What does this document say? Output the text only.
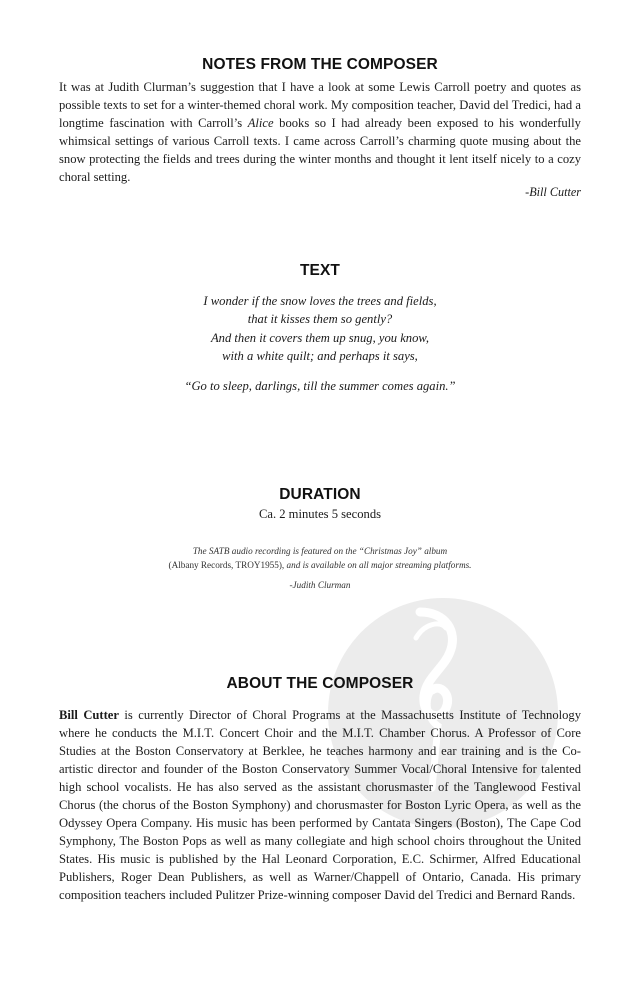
NOTES FROM THE COMPOSER

It was at Judith Clurman’s suggestion that I have a look at some Lewis Carroll poetry and quotes as possible texts to set for a winter-themed choral work. My composition teacher, David del Tredici, had a longtime fascination with Carroll’s Alice books so I had already been exposed to his wonderfully whimsical settings of various Carroll texts. I came across Carroll’s charming quote musing about the snow protecting the fields and trees during the winter months and thought it lent itself nicely to a cozy choral setting.

-Bill Cutter

TEXT
I wonder if the snow loves the trees and fields,
that it kisses them so gently?
And then it covers them up snug, you know,
with a white quilt; and perhaps it says,

“Go to sleep, darlings, till the summer comes again.”

DURATION

Ca. 2 minutes 5 seconds

The SATB audio recording is featured on the “Christmas Joy” album
(Albany Records, TROY1955), and is available on all major streaming platforms.

-Judith Clurman

ABOUT THE COMPOSER

Bill Cutter is currently Director of Choral Programs at the Massachusetts Institute of Technology where he conducts the M.I.T. Concert Choir and the M.I.T. Chamber Chorus. A Professor of Core Studies at the Boston Conservatory at Berklee, he teaches harmony and ear training and is the Co-artistic director and founder of the Boston Conservatory Summer Vocal/Choral Intensive for talented high school vocalists. He has also served as the assistant chorusmaster of the Tanglewood Festival Chorus (the chorus of the Boston Symphony) and chorusmaster for Boston Lyric Opera, as well as the Odyssey Opera Company. His music has been performed by Cantata Singers (Boston), The Cape Cod Symphony, The Boston Pops as well as many collegiate and high school choirs throughout the United States. His music is published by the Hal Leonard Corporation, E.C. Schirmer, Alfred Educational Publishers, Roger Dean Publishers, as well as Warner/Chappell of Ontario, Canada. His primary composition teachers included Pulitzer Prize-winning composer David del Tredici and Bernard Rands.
